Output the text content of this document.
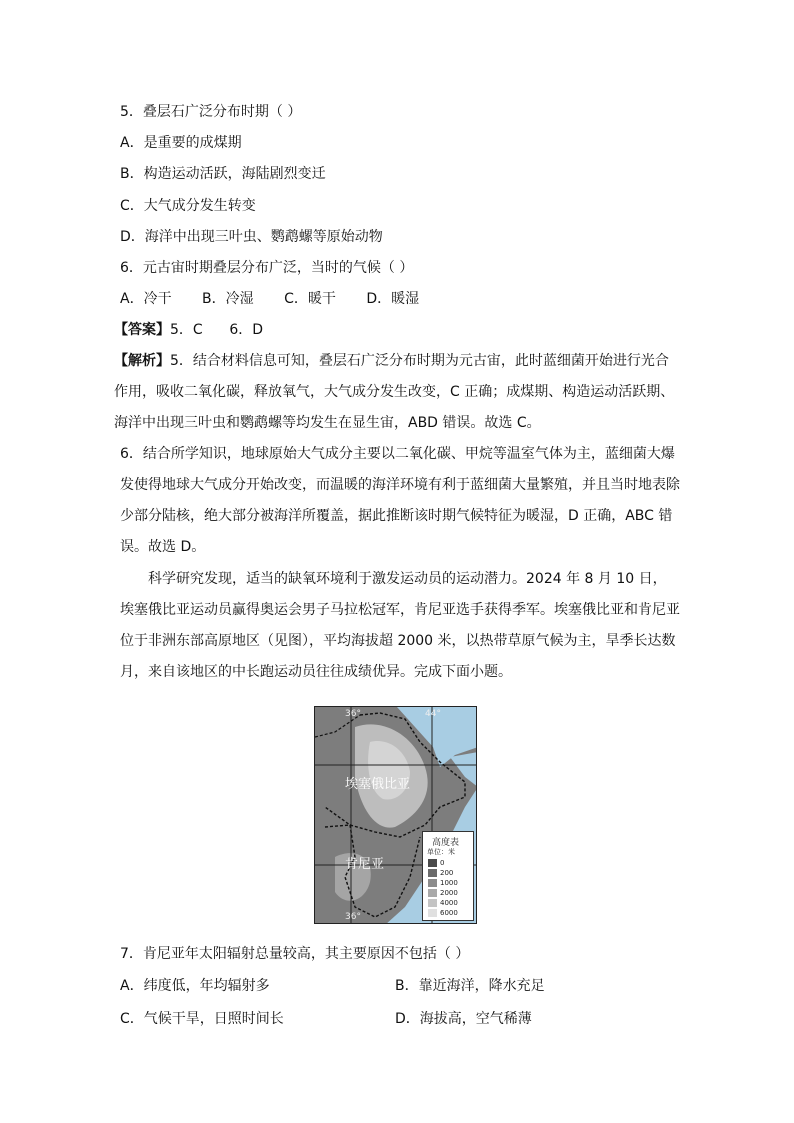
5．叠层石广泛分布时期（ ）
A．是重要的成煤期
B．构造运动活跃，海陆剧烈变迁
C．大气成分发生转变
D．海洋中出现三叶虫、鹦鹉螺等原始动物
6．元古宙时期叠层分布广泛，当时的气候（ ）
A．冷干 B．冷湿 C．暖干 D．暖湿
【答案】5．C      6．D
【解析】5．结合材料信息可知，叠层石广泛分布时期为元古宙，此时蓝细菌开始进行光合作用，吸收二氧化碳，释放氧气，大气成分发生改变，C 正确；成煤期、构造运动活跃期、海洋中出现三叶虫和鹦鹉螺等均发生在显生宙，ABD 错误。故选 C。
6．结合所学知识，地球原始大气成分主要以二氧化碳、甲烷等温室气体为主，蓝细菌大爆发使得地球大气成分开始改变，而温暖的海洋环境有利于蓝细菌大量繁殖，并且当时地表除少部分陆核，绝大部分被海洋所覆盖，据此推断该时期气候特征为暖湿，D 正确，ABC 错误。故选 D。
科学研究发现，适当的缺氧环境利于激发运动员的运动潜力。2024 年 8 月 10 日，埃塞俄比亚运动员赢得奥运会男子马拉松冠军，肯尼亚选手获得季军。埃塞俄比亚和肯尼亚位于非洲东部高原地区（见图），平均海拔超 2000 米，以热带草原气候为主，旱季长达数月，来自该地区的中长跑运动员往往成绩优异。完成下面小题。
36°	44°
36°
埃塞俄比亚
肯尼亚
高度表
单位：米
0
200
1000
2000
4000
6000
7．肯尼亚年太阳辐射总量较高，其主要原因不包括（ ）
A．纬度低，年均辐射多	B．靠近海洋，降水充足
C．气候干旱，日照时间长	D．海拔高，空气稀薄
